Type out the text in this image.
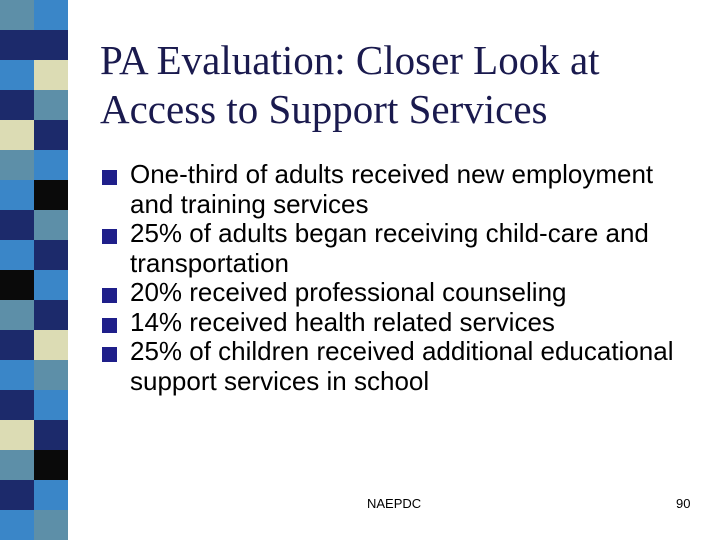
PA Evaluation: Closer Look at
Access to Support Services
One-third of adults received new employment and training services
25% of adults began receiving child-care and transportation
20% received professional counseling
14% received health related services
25% of children received additional educational support services in school
NAEPDC	90
